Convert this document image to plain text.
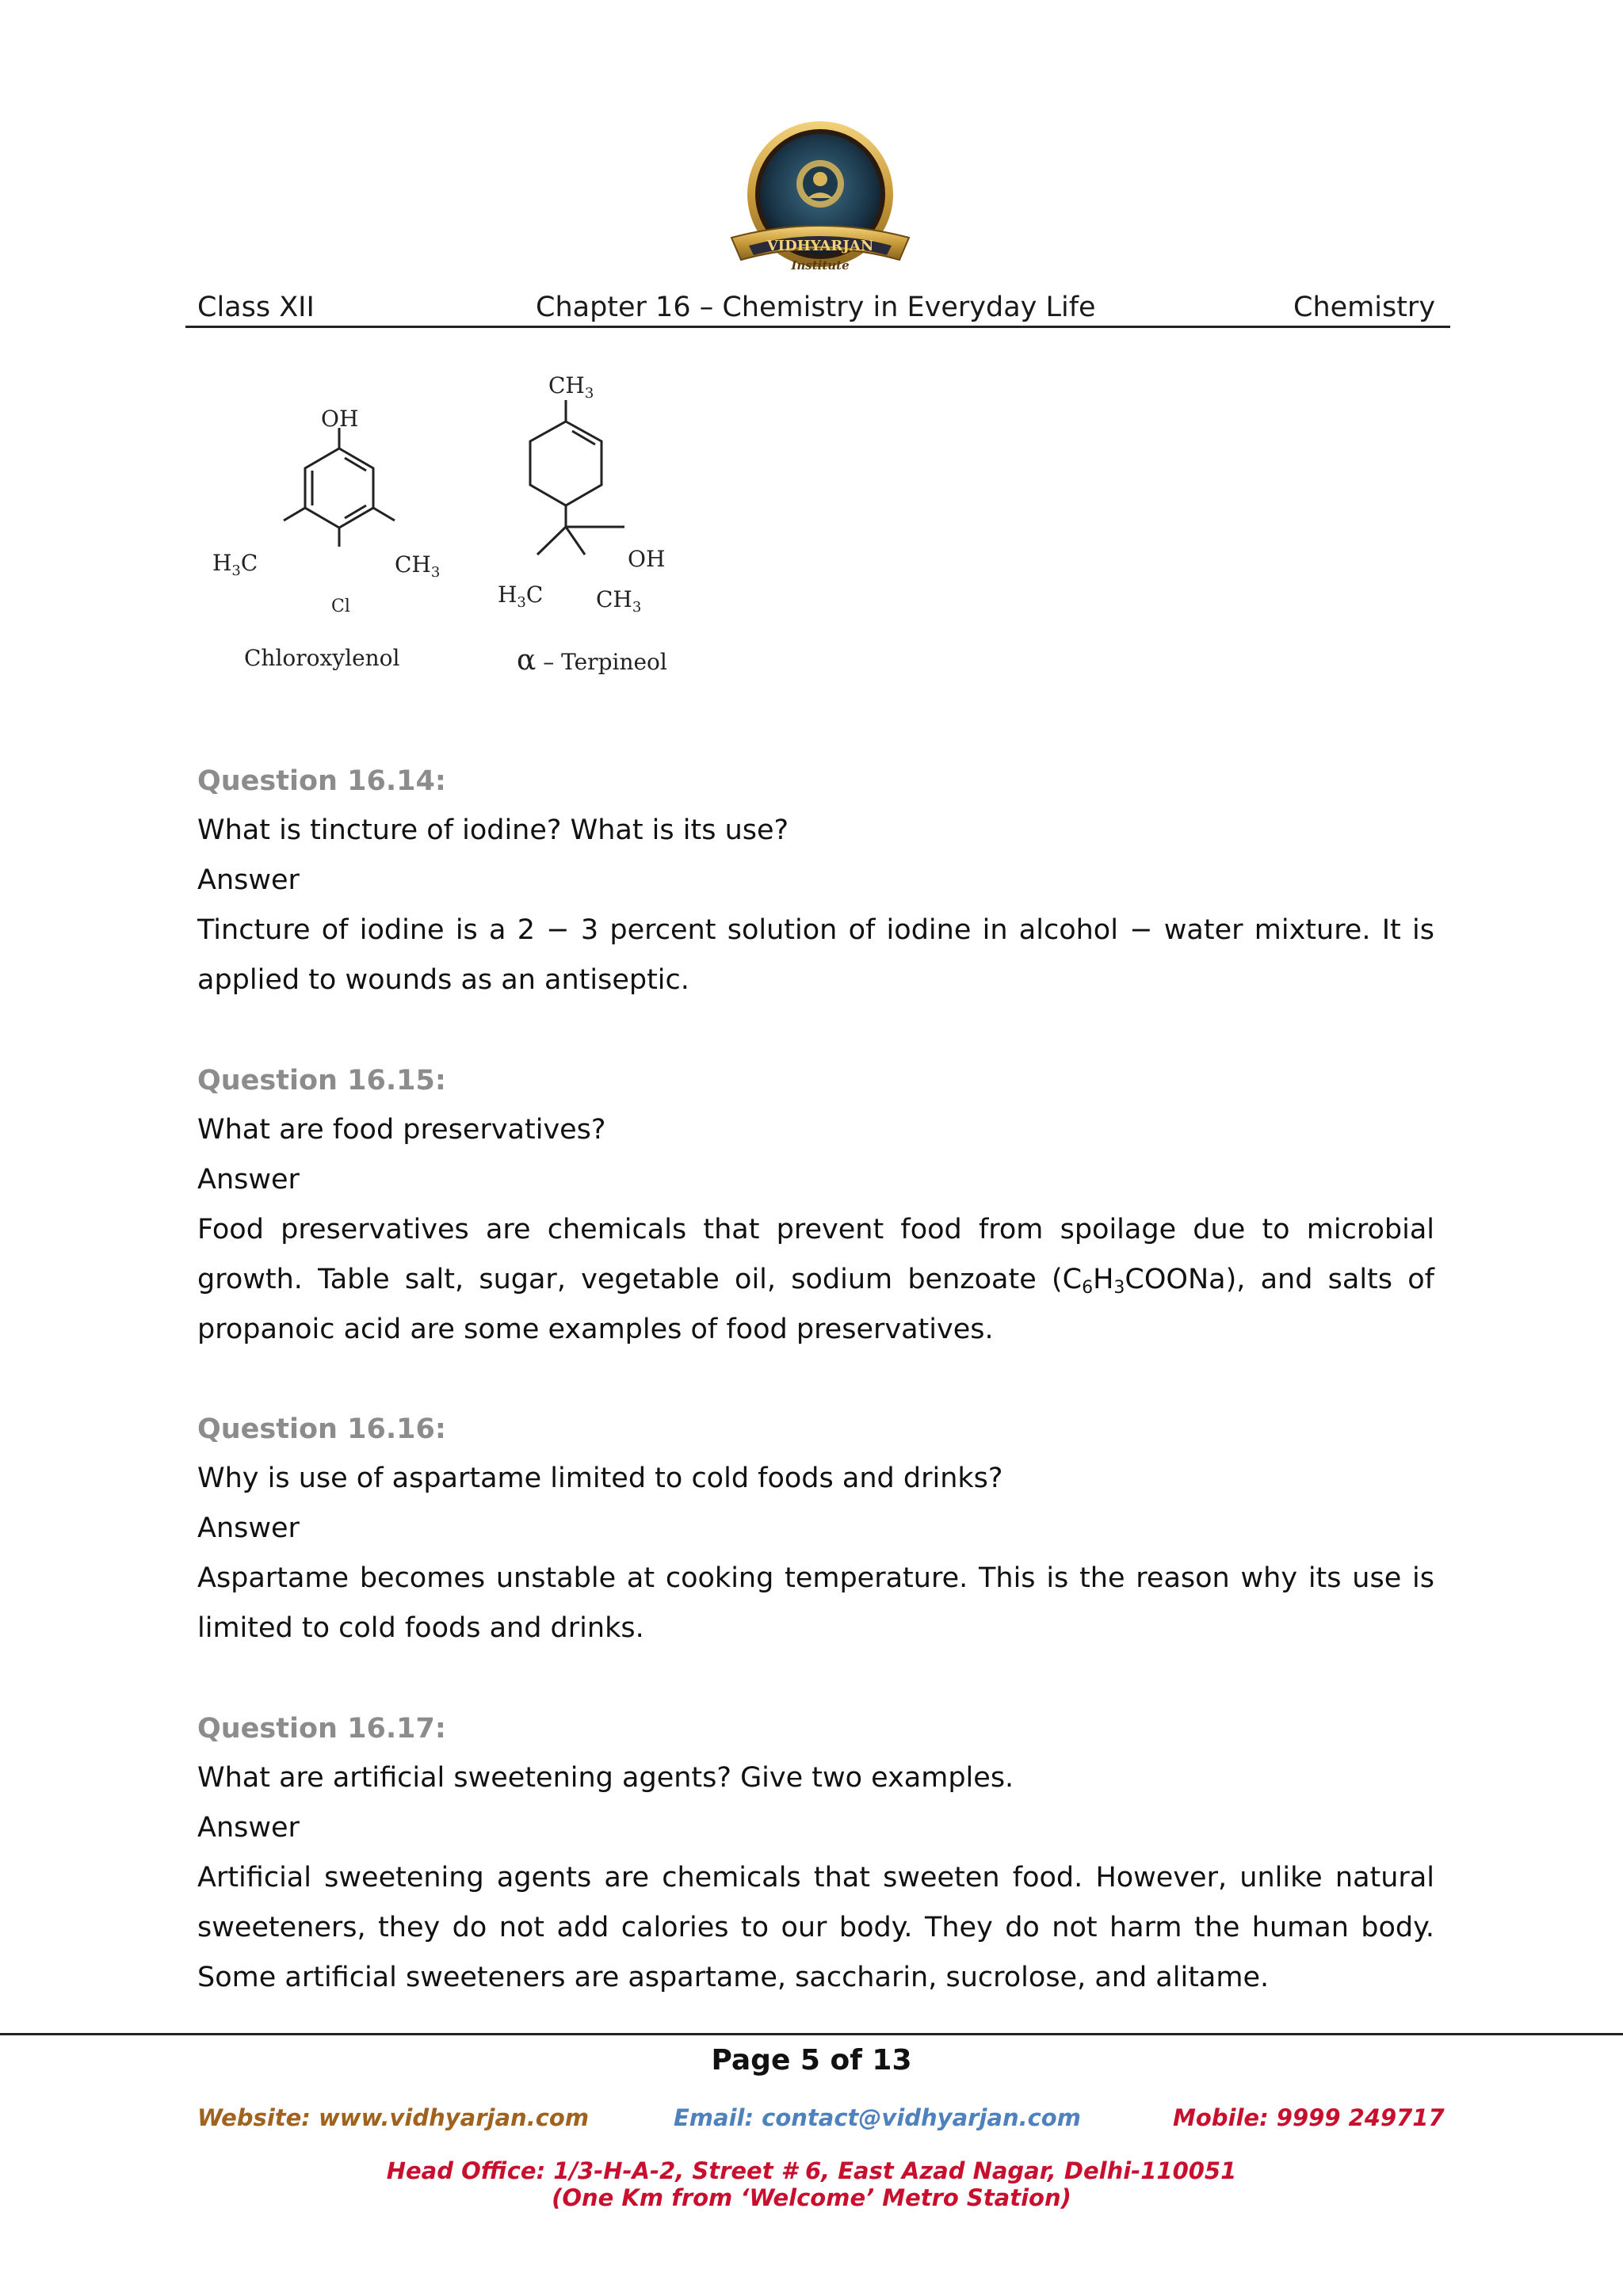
VIDHYARJAN
Institute
Class XII	Chapter 16 – Chemistry in Everyday Life	Chemistry
OH
$H_3C$	$CH_3$
Cl
Chloroxylenol
$CH_3$
OH
$H_3C$ $CH_3$
α – Terpineol
Question 16.14:
What is tincture of iodine? What is its use?
Answer
Tincture of iodine is a 2 − 3 percent solution of iodine in alcohol − water mixture. It is
applied to wounds as an antiseptic.
Question 16.15:
What are food preservatives?
Answer
Food preservatives are chemicals that prevent food from spoilage due to microbial
growth. Table salt, sugar, vegetable oil, sodium benzoate $(C_6H_3COONa)$, and salts of
propanoic acid are some examples of food preservatives.
Question 16.16:
Why is use of aspartame limited to cold foods and drinks?
Answer
Aspartame becomes unstable at cooking temperature. This is the reason why its use is
limited to cold foods and drinks.
Question 16.17:
What are artificial sweetening agents? Give two examples.
Answer
Artificial sweetening agents are chemicals that sweeten food. However, unlike natural
sweeteners, they do not add calories to our body. They do not harm the human body.
Some artificial sweeteners are aspartame, saccharin, sucrolose, and alitame.
Page 5 of 13
Website: www.vidhyarjan.com	Email: contact@vidhyarjan.com	Mobile: 9999 249717
Head Office: 1/3-H-A-2, Street # 6, East Azad Nagar, Delhi-110051
(One Km from ‘Welcome’ Metro Station)
